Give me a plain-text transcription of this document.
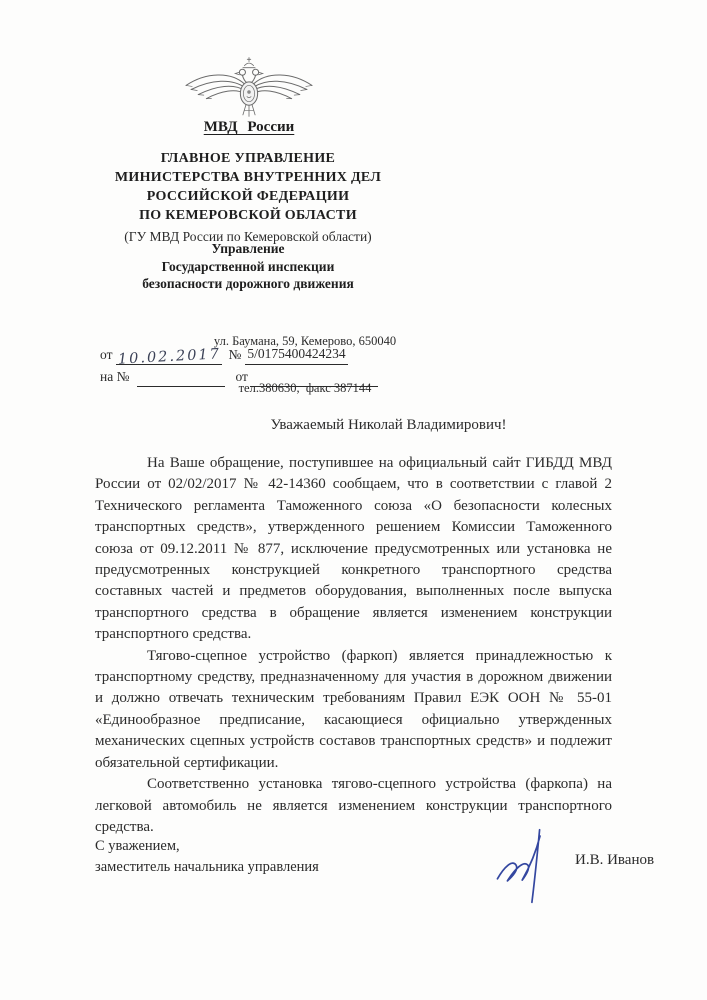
МВД России
ГЛАВНОЕ УПРАВЛЕНИЕ
МИНИСТЕРСТВА ВНУТРЕННИХ ДЕЛ
РОССИЙСКОЙ ФЕДЕРАЦИИ
ПО КЕМЕРОВСКОЙ ОБЛАСТИ
(ГУ МВД России по Кемеровской области)
Управление
Государственной инспекции
безопасности дорожного движения

ул. Баумана, 59, Кемерово, 650040

тел.380630,  факс 387144

от 10.02.2017 № 5/0175400424234
на №	от
Уважаемый Николай Владимирович!

На Ваше обращение, поступившее на официальный сайт ГИБДД МВД России от 02/02/2017 № 42-14360 сообщаем, что в соответствии с главой 2 Технического регламента Таможенного союза «О безопасности колесных транспортных средств», утвержденного решением Комиссии Таможенного союза от 09.12.2011 № 877, исключение предусмотренных или установка не предусмотренных конструкцией конкретного транспортного средства составных частей и предметов оборудования, выполненных после выпуска транспортного средства в обращение является изменением конструкции транспортного средства.

Тягово-сцепное устройство (фаркоп) является принадлежностью к транспортному средству, предназначенному для участия в дорожном движении и должно отвечать техническим требованиям Правил ЕЭК ООН № 55-01 «Единообразное предписание, касающиеся официально утвержденных механических сцепных устройств составов транспортных средств» и подлежит обязательной сертификации.

Соответственно установка тягово-сцепного устройства (фаркопа) на легковой автомобиль не является изменением конструкции транспортного средства.

С уважением,
заместитель начальника управления	И.В. Иванов
